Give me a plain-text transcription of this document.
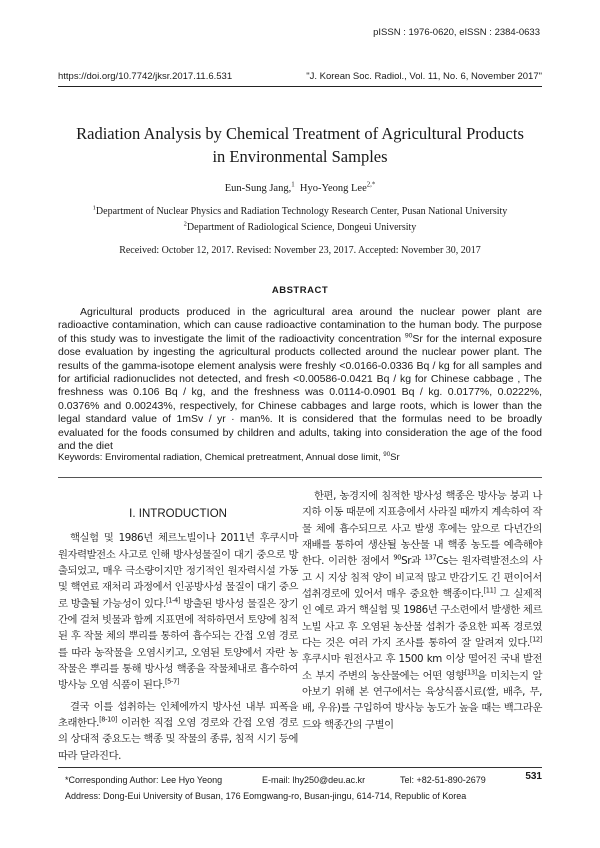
pISSN : 1976-0620, eISSN : 2384-0633
https://doi.org/10.7742/jksr.2017.11.6.531	"J. Korean Soc. Radiol., Vol. 11, No. 6, November 2017"
Radiation Analysis by Chemical Treatment of Agricultural Products
in Environmental Samples
Eun-Sung Jang,$^1$ Hyo-Yeong Lee$^{2,*}$
$^1$Department of Nuclear Physics and Radiation Technology Research Center, Pusan National University
$^2$Department of Radiological Science, Dongeui University
Received: October 12, 2017. Revised: November 23, 2017. Accepted: November 30, 2017
ABSTRACT
Agricultural products produced in the agricultural area around the nuclear power plant are radioactive contamination, which can cause radioactive contamination to the human body. The purpose of this study was to investigate the limit of the radioactivity concentration $^{90}$Sr for the internal exposure dose evaluation by ingesting the agricultural products collected around the nuclear power plant. The results of the gamma-isotope element analysis were freshly <0.0166-0.0336 Bq / kg for all samples and for artificial radionuclides not detected, and fresh <0.00586-0.0421 Bq / kg for Chinese cabbage , The freshness was 0.106 Bq / kg, and the freshness was 0.0114-0.0901 Bq / kg. 0.0177%, 0.0222%, 0.0376% and 0.00243%, respectively, for Chinese cabbages and large roots, which is lower than the legal standard value of 1mSv / yr · man%. It is considered that the formulas need to be broadly evaluated for the foods consumed by children and adults, taking into consideration the age of the food and the diet
Keywords: Enviromental radiation, Chemical pretreatment, Annual dose limit, $^{90}$Sr
Ⅰ. INTRODUCTION

핵실험 및 1986년 체르노빌이나 2011년 후쿠시마 원자력발전소 사고로 인해 방사성물질이 대기 중으로 방출되었고, 매우 극소량이지만 정기적인 원자력시설 가동 및 핵연료 재처리 과정에서 인공방사성 물질이 대기 중으로 방출될 가능성이 있다.[1-4] 방출된 방사성 물질은 장기간에 걸쳐 빗물과 함께 지표면에 적하하면서 토양에 침적된 후 작물 체의 뿌리를 통하여 흡수되는 간접 오염 경로를 따라 농작물을 오염시키고, 오염된 토양에서 자란 농작물은 뿌리를 통해 방사성 핵종을 작물체내로 흡수하여 방사능 오염 식품이 된다.[5-7]

결국 이를 섭취하는 인체에까지 방사선 내부 피폭을 초래한다.[8-10] 이러한 직접 오염 경로와 간접 오염 경로의 상대적 중요도는 핵종 및 작물의 종류, 침적 시기 등에 따라 달라진다.

한편, 농경지에 침적한 방사성 핵종은 방사능 붕괴 나 지하 이동 때문에 지표층에서 사라질 때까지 계속하여 작물 체에 흡수되므로 사고 발생 후에는 앞으로 다년간의 재배를 통하여 생산될 농산물 내 핵종 농도를 예측해야 한다. 이러한 점에서 $^{90}$Sr과 $^{137}$Cs는 원자력발전소의 사고 시 지상 침적 양이 비교적 많고 반감기도 긴 편이어서 섭취경로에 있어서 매우 중요한 핵종이다.[11] 그 실제적인 예로 과거 핵실험 및 1986년 구소련에서 발생한 체르노빌 사고 후 오염된 농산물 섭취가 중요한 피폭 경로였다는 것은 여러 가지 조사를 통하여 잘 알려져 있다.[12] 후쿠시마 원전사고 후 1500 km 이상 떨어진 국내 발전소 부지 주변의 농산물에는 어떤 영향[13]을 미치는지 알아보기 위해 본 연구에서는 육상식품시료(쌀, 배추, 무, 배, 우유)를 구입하여 방사능 농도가 높을 때는 백그라운드와 핵종간의 구별이

*Corresponding Author: Lee Hyo Yeong	E-mail: lhy250@deu.ac.kr	Tel: +82-51-890-2679
Address: Dong-Eui University of Busan, 176 Eomgwang-ro, Busan-jingu, 614-714, Republic of Korea
531
